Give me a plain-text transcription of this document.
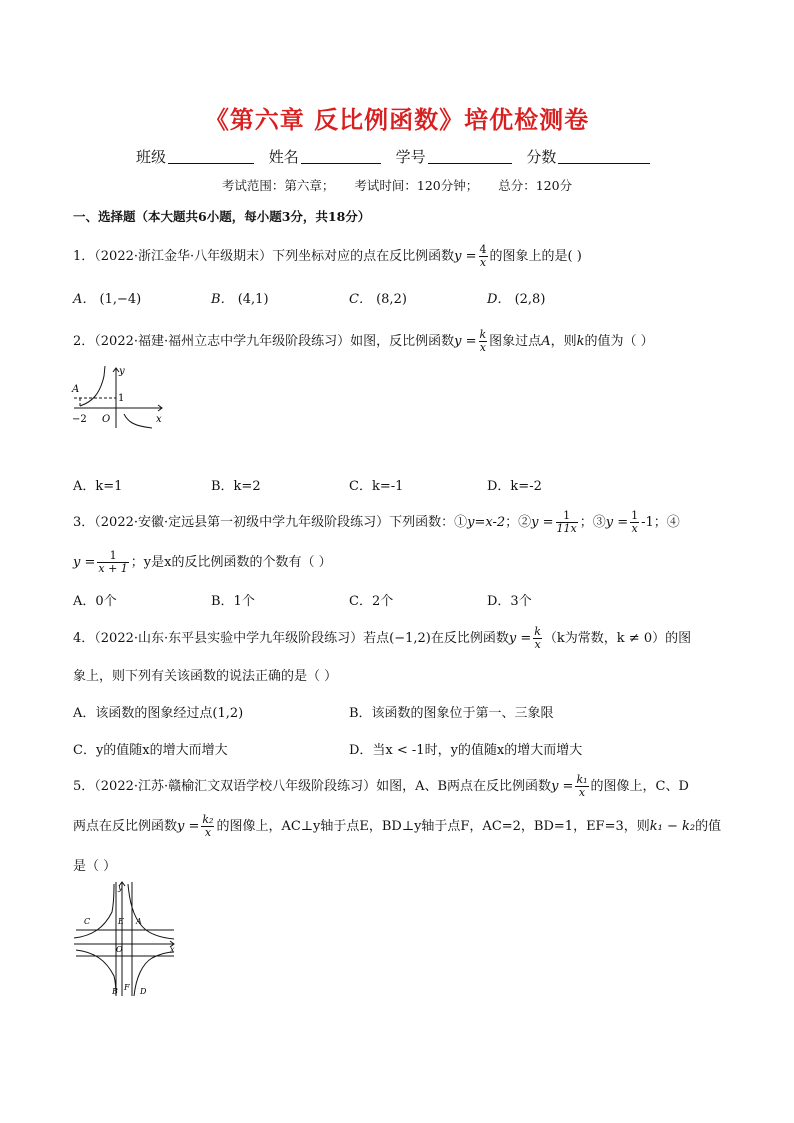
《第六章 反比例函数》培优检测卷
班级	姓名	学号	分数
考试范围：第六章； 考试时间：120分钟； 总分：120分
一、选择题（本大题共6小题，每小题3分，共18分）
1．（2022·浙江金华·八年级期末）下列坐标对应的点在反比例函数$y = \frac{4}{x}$ 的图象上的是( )
A． (1,−4)	B． (4,1)	C． (8,2)	D． (2,8)
2．（2022·福建·福州立志中学九年级阶段练习）如图，反比例函数$y = \frac{k}{x}$ 图象过点A，则k的值为（ ）
A
y
1
−2 O	x
A．k=1	B．k=2	C．k=-1	D．k=-2
3．（2022·安徽·定远县第一初级中学九年级阶段练习）下列函数：①y=x-2；②y = $\frac{1}{11x}$ ；③y = $\frac{1}{x} -1$；④
$y = \frac{1}{x + 1}$ ；y是x的反比例函数的个数有（ ）
A．0个	B．1个	C．2个	D．3个
4．（2022·山东·东平县实验中学九年级阶段练习）若点(−1,2)在反比例函数$y = \frac{k}{x} (k$为常数，k ≠ 0）的图
象上，则下列有关该函数的说法正确的是（ ）
A．该函数的图象经过点(1,2)	B．该函数的图象位于第一、三象限
C．y的值随x的增大而增大	D．当x < -1时，y的值随x的增大而增大
5．（2022·江苏·赣榆汇文双语学校八年级阶段练习）如图，A、B两点在反比例函数$y = \frac{\text{k₁}}{x}$ 的图像上，C、D
两点在反比例函数$y = \frac{\text{k₂}}{x}$ 的图像上，AC⊥y轴于点E，BD⊥y轴于点F，AC=2，BD=1，EF=3，则k₁ − k₂的值
是（ ）
y
C	E A
O	x
B F D
